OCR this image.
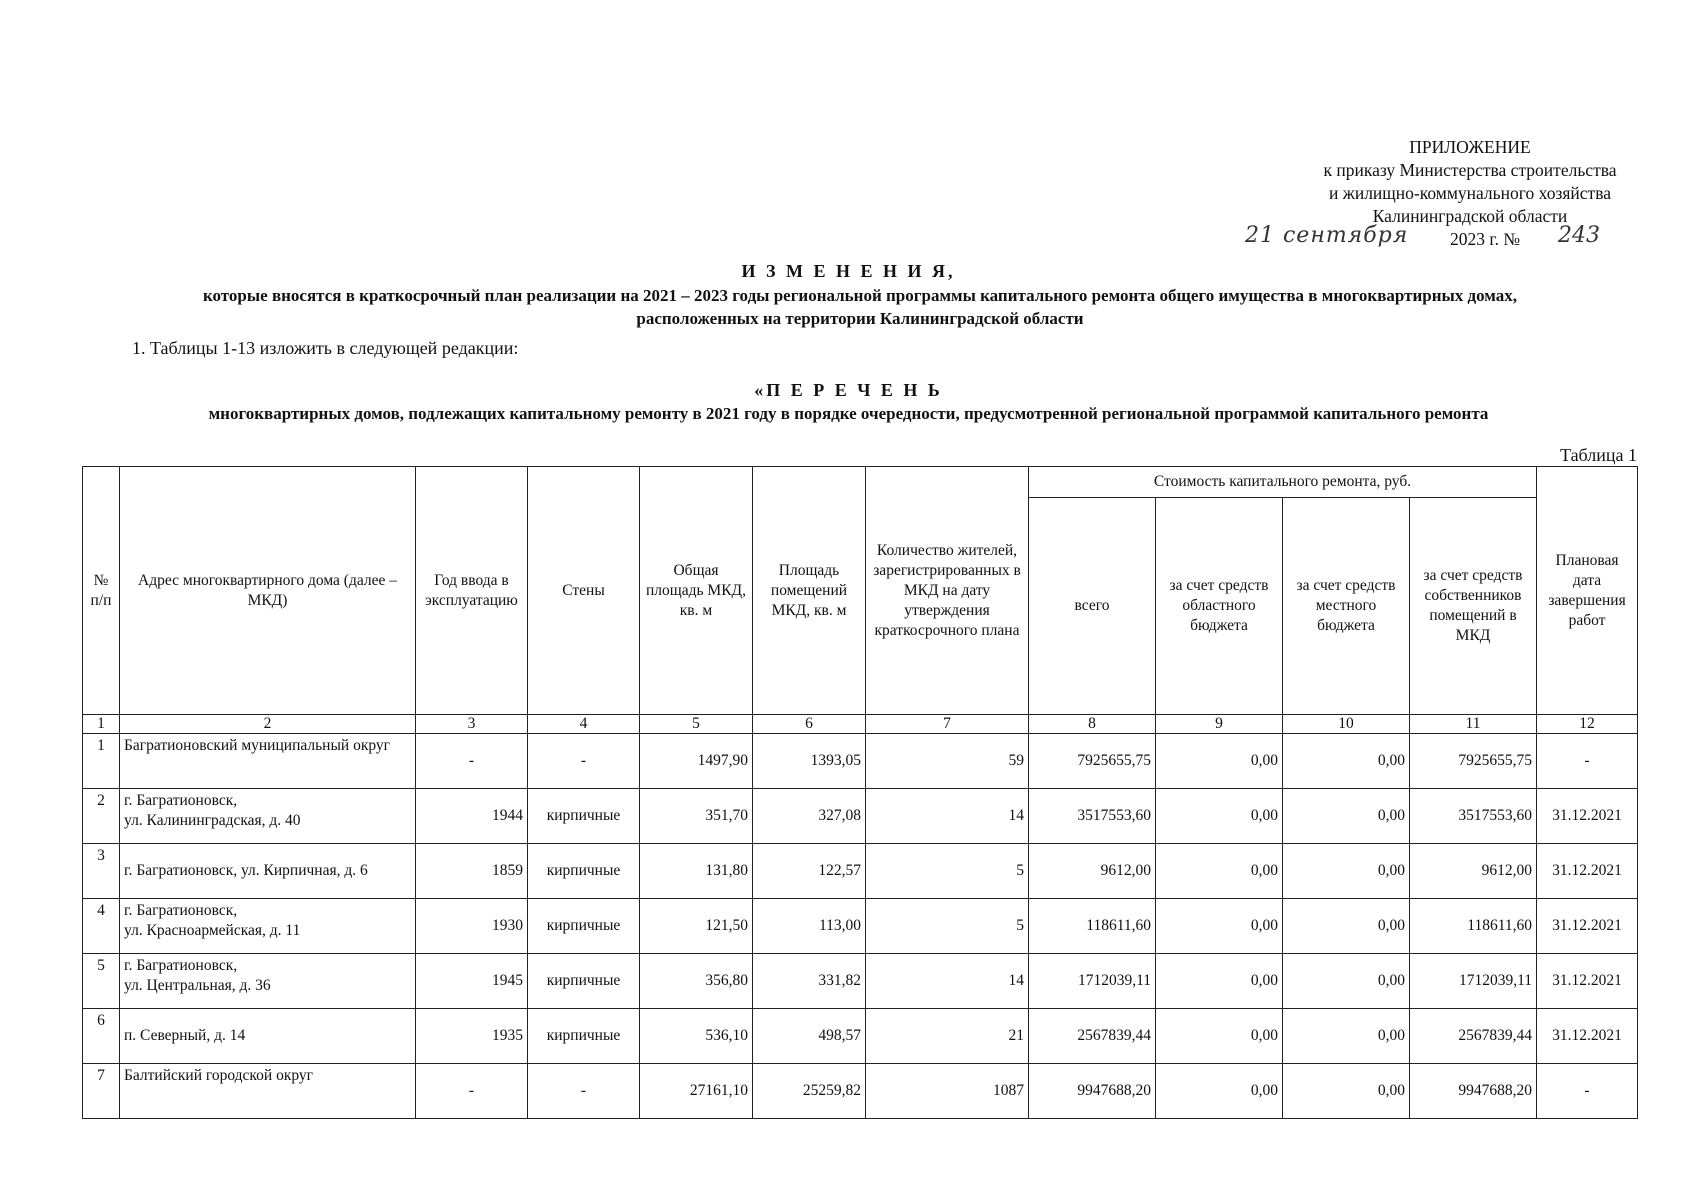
ПРИЛОЖЕНИЕ
к приказу Министерства строительства
и жилищно-коммунального хозяйства
Калининградской области
21 сентября 2023 г. № 243
И З М Е Н Е Н И Я,
которые вносятся в краткосрочный план реализации на 2021 – 2023 годы региональной программы капитального ремонта общего имущества в многоквартирных домах,
расположенных на территории Калининградской области
1. Таблицы 1-13 изложить в следующей редакции:
«П Е Р Е Ч Е Н Ь
многоквартирных домов, подлежащих капитальному ремонту в 2021 году в порядке очередности, предусмотренной региональной программой капитального ремонта
Таблица 1
№ п/п	Адрес многоквартирного дома (далее – МКД)	Год ввода в эксплуатацию	Стены	Общая площадь МКД, кв. м	Площадь помещений МКД, кв. м	Количество жителей, зарегистрированных в МКД на дату утверждения краткосрочного плана	Стоимость капитального ремонта, руб.				Плановая дата завершения работ
							всего	за счет средств областного бюджета	за счет средств местного бюджета	за счет средств собственников помещений в МКД	
1	2	3	4	5	6	7	8	9	10	11	12
1	Багратионовский муниципальный округ	-	-	1497,90	1393,05	59	7925655,75	0,00	0,00	7925655,75	-
2	г. Багратионовск,
ул. Калининградская, д. 40	1944	кирпичные	351,70	327,08	14	3517553,60	0,00	0,00	3517553,60	31.12.2021
3	г. Багратионовск, ул. Кирпичная, д. 6	1859	кирпичные	131,80	122,57	5	9612,00	0,00	0,00	9612,00	31.12.2021
4	г. Багратионовск,
ул. Красноармейская, д. 11	1930	кирпичные	121,50	113,00	5	118611,60	0,00	0,00	118611,60	31.12.2021
5	г. Багратионовск,
ул. Центральная, д. 36	1945	кирпичные	356,80	331,82	14	1712039,11	0,00	0,00	1712039,11	31.12.2021
6	п. Северный, д. 14	1935	кирпичные	536,10	498,57	21	2567839,44	0,00	0,00	2567839,44	31.12.2021
7	Балтийский городской округ	-	-	27161,10	25259,82	1087	9947688,20	0,00	0,00	9947688,20	-
